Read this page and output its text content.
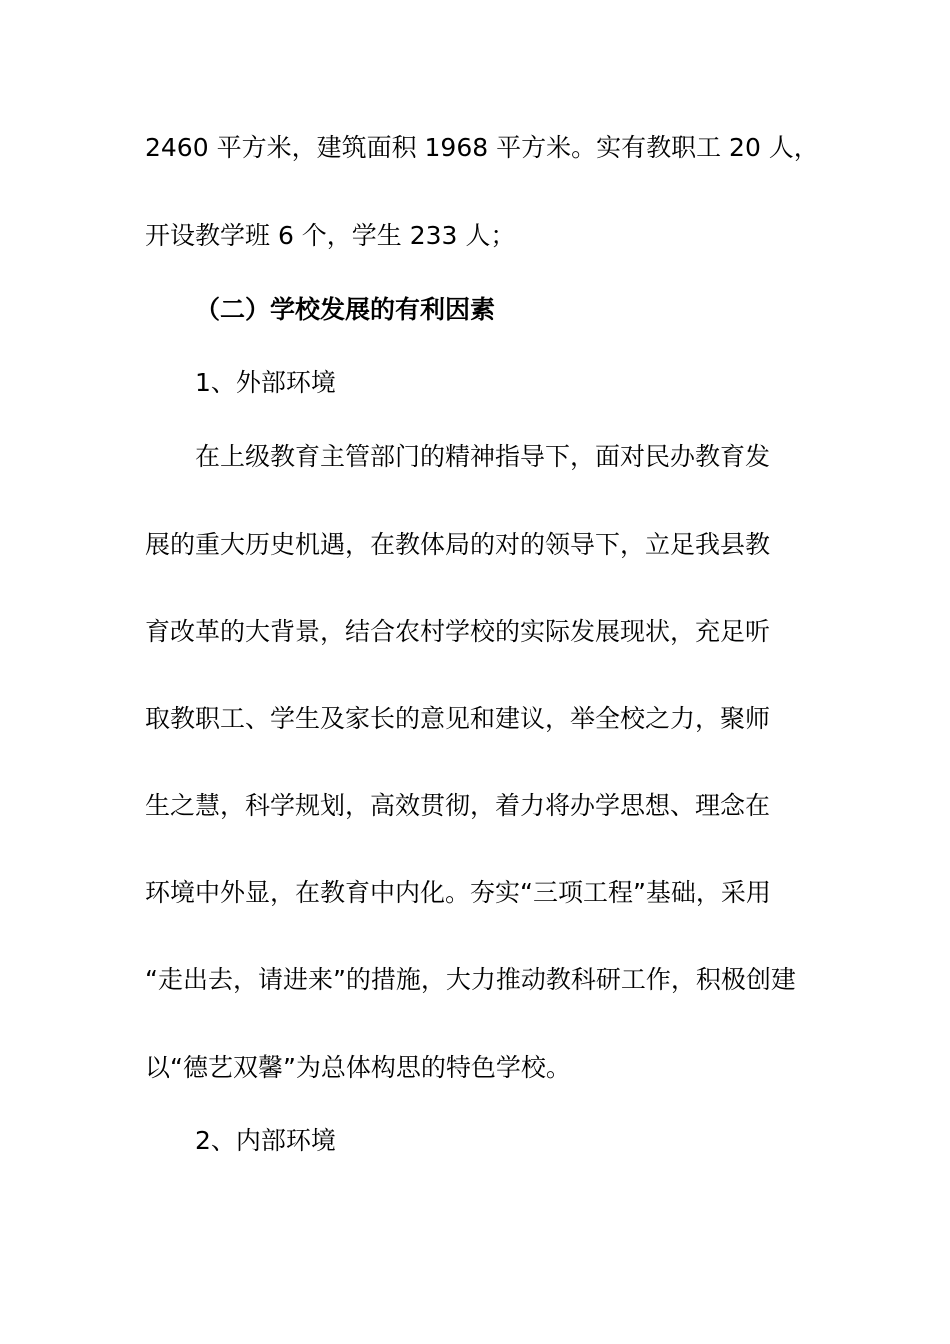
2460 平方米，建筑面积 1968 平方米。实有教职工 20 人，
开设教学班 6 个，学生 233 人；
（二）学校发展的有利因素
1、外部环境
在上级教育主管部门的精神指导下，面对民办教育发
展的重大历史机遇，在教体局的对的领导下，立足我县教
育改革的大背景，结合农村学校的实际发展现状，充足听
取教职工、学生及家长的意见和建议，举全校之力，聚师
生之慧，科学规划，高效贯彻，着力将办学思想、理念在
环境中外显，在教育中内化。夯实“三项工程”基础，采用
“走出去，请进来”的措施，大力推动教科研工作，积极创建
以“德艺双馨”为总体构思的特色学校。
2、内部环境
